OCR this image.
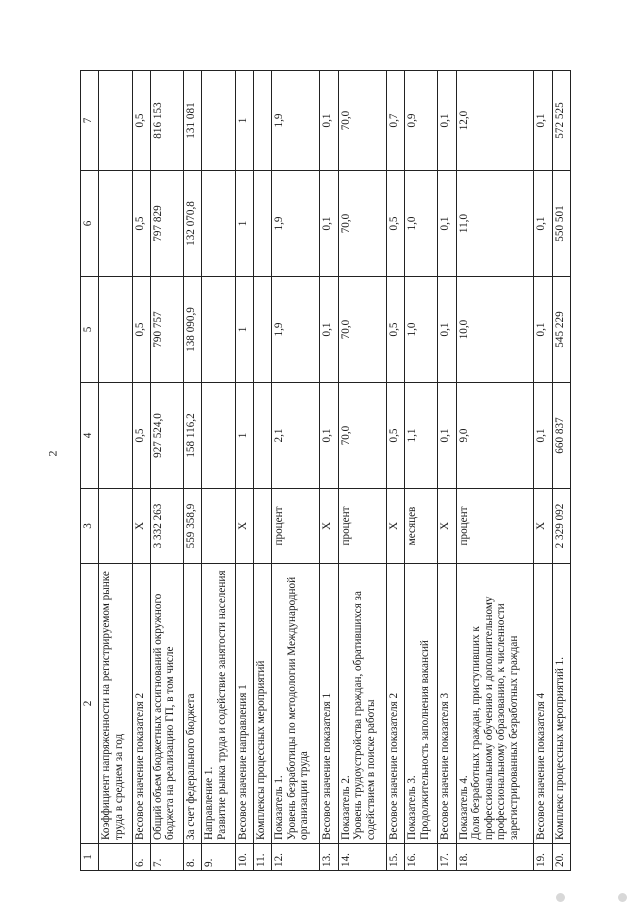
2
1	2	3	4	5	6	7
	Коэффициент напряженности на регистрируемом рынке труда в среднем за год					
6.	Весовое значение показателя 2	Х	0,5	0,5	0,5	0,5
7.	Общий объем бюджетных ассигнований окружного бюджета на реализацию ГП, в том числе	3 332 263	927 524,0	790 757	797 829	816 153
8.	За счет федерального бюджета	559 358,9	158 116,2	138 090,9	132 070,8	131 081
9.	Направление 1.
Развитие рынка труда и содействие занятости населения					
10.	Весовое значение направления 1	Х	1	1	1	1
11.	Комплексы процессных мероприятий					
12.	Показатель 1.
Уровень безработицы по методологии Международной организации труда	процент	2,1	1,9	1,9	1,9
13.	Весовое значение показателя 1	Х	0,1	0,1	0,1	0,1
14.	Показатель 2.
Уровень трудоустройства граждан, обратившихся за содействием в поиске работы	процент	70,0	70,0	70,0	70,0
15.	Весовое значение показателя 2	Х	0,5	0,5	0,5	0,7
16.	Показатель 3.
Продолжительность заполнения вакансий	месяцев	1,1	1,0	1,0	0,9
17.	Весовое значение показателя 3	Х	0,1	0,1	0,1	0,1
18.	Показатель 4.
Доля безработных граждан, приступивших к профессиональному обучению и дополнительному профессиональному образованию, к численности зарегистрированных безработных граждан	процент	9,0	10,0	11,0	12,0
19.	Весовое значение показателя 4	Х	0,1	0,1	0,1	0,1
20.	Комплекс процессных мероприятий 1.	2 329 092	660 837	545 229	550 501	572 525
